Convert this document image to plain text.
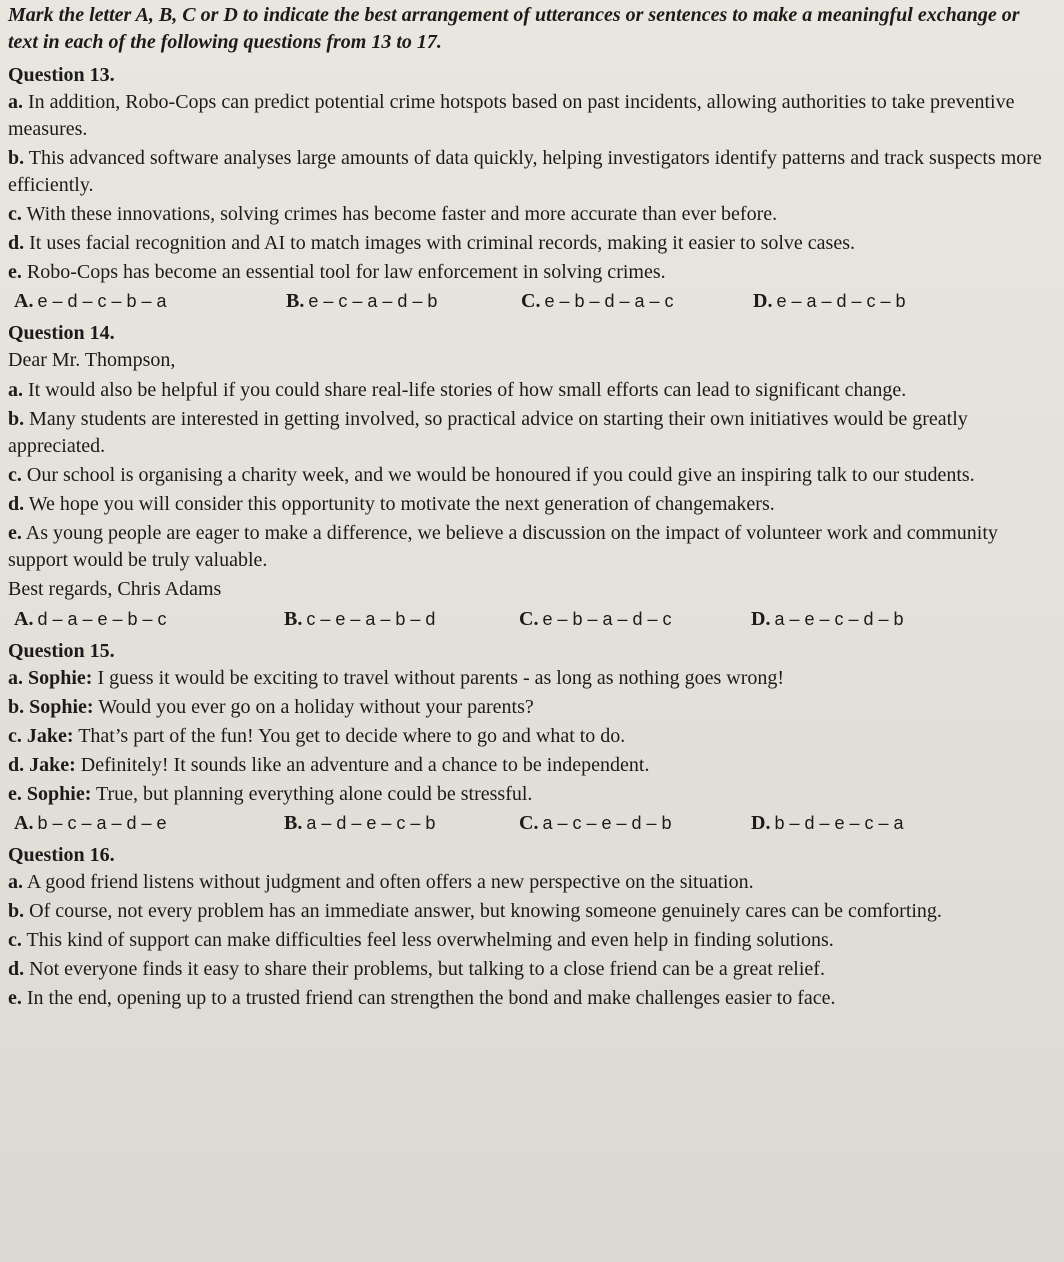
Mark the letter A, B, C or D to indicate the best arrangement of utterances or sentences to make a meaningful exchange or text in each of the following questions from 13 to 17.

Question 13.

a. In addition, Robo-Cops can predict potential crime hotspots based on past incidents, allowing authorities to take preventive measures.

b. This advanced software analyses large amounts of data quickly, helping investigators identify patterns and track suspects more efficiently.

c. With these innovations, solving crimes has become faster and more accurate than ever before.

d. It uses facial recognition and AI to match images with criminal records, making it easier to solve cases.

e. Robo-Cops has become an essential tool for law enforcement in solving crimes.

A. e – d – c – b – a	B. e – c – a – d – b	C. e – b – d – a – c	D. e – a – d – c – b

Question 14.

Dear Mr. Thompson,

a. It would also be helpful if you could share real-life stories of how small efforts can lead to significant change.

b. Many students are interested in getting involved, so practical advice on starting their own initiatives would be greatly appreciated.

c. Our school is organising a charity week, and we would be honoured if you could give an inspiring talk to our students.

d. We hope you will consider this opportunity to motivate the next generation of changemakers.

e. As young people are eager to make a difference, we believe a discussion on the impact of volunteer work and community support would be truly valuable.

Best regards, Chris Adams

A. d – a – e – b – c	B. c – e – a – b – d	C. e – b – a – d – c	D. a – e – c – d – b

Question 15.

a. Sophie: I guess it would be exciting to travel without parents - as long as nothing goes wrong!

b. Sophie: Would you ever go on a holiday without your parents?

c. Jake: That’s part of the fun! You get to decide where to go and what to do.

d. Jake: Definitely! It sounds like an adventure and a chance to be independent.

e. Sophie: True, but planning everything alone could be stressful.

A. b – c – a – d – e	B. a – d – e – c – b	C. a – c – e – d – b	D. b – d – e – c – a

Question 16.

a. A good friend listens without judgment and often offers a new perspective on the situation.

b. Of course, not every problem has an immediate answer, but knowing someone genuinely cares can be comforting.

c. This kind of support can make difficulties feel less overwhelming and even help in finding solutions.

d. Not everyone finds it easy to share their problems, but talking to a close friend can be a great relief.

e. In the end, opening up to a trusted friend can strengthen the bond and make challenges easier to face.
